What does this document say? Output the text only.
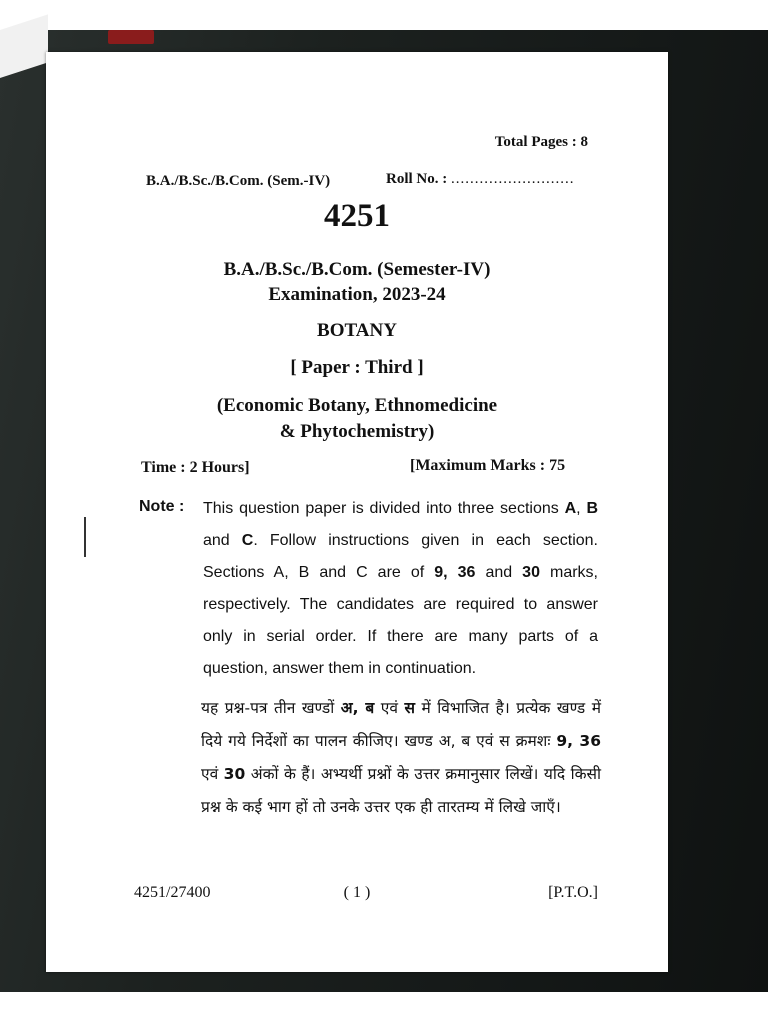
Total Pages : 8
B.A./B.Sc./B.Com. (Sem.-IV)	Roll No. : ..........................
4251
B.A./B.Sc./B.Com. (Semester-IV)
Examination, 2023-24
BOTANY
[ Paper : Third ]
(Economic Botany, Ethnomedicine
& Phytochemistry)
Time : 2 Hours]	[Maximum Marks : 75
Note : This question paper is divided into three sections A, B and C. Follow instructions given in each section. Sections A, B and C are of 9, 36 and 30 marks, respectively. The candidates are required to answer only in serial order. If there are many parts of a question, answer them in continuation.
यह प्रश्न-पत्र तीन खण्डों अ, ब एवं स में विभाजित है। प्रत्येक खण्ड में दिये गये निर्देशों का पालन कीजिए। खण्ड अ, ब एवं स क्रमशः 9, 36 एवं 30 अंकों के हैं। अभ्यर्थी प्रश्नों के उत्तर क्रमानुसार लिखें। यदि किसी प्रश्न के कई भाग हों तो उनके उत्तर एक ही तारतम्य में लिखे जाएँ।
4251/27400	( 1 )	[P.T.O.]
